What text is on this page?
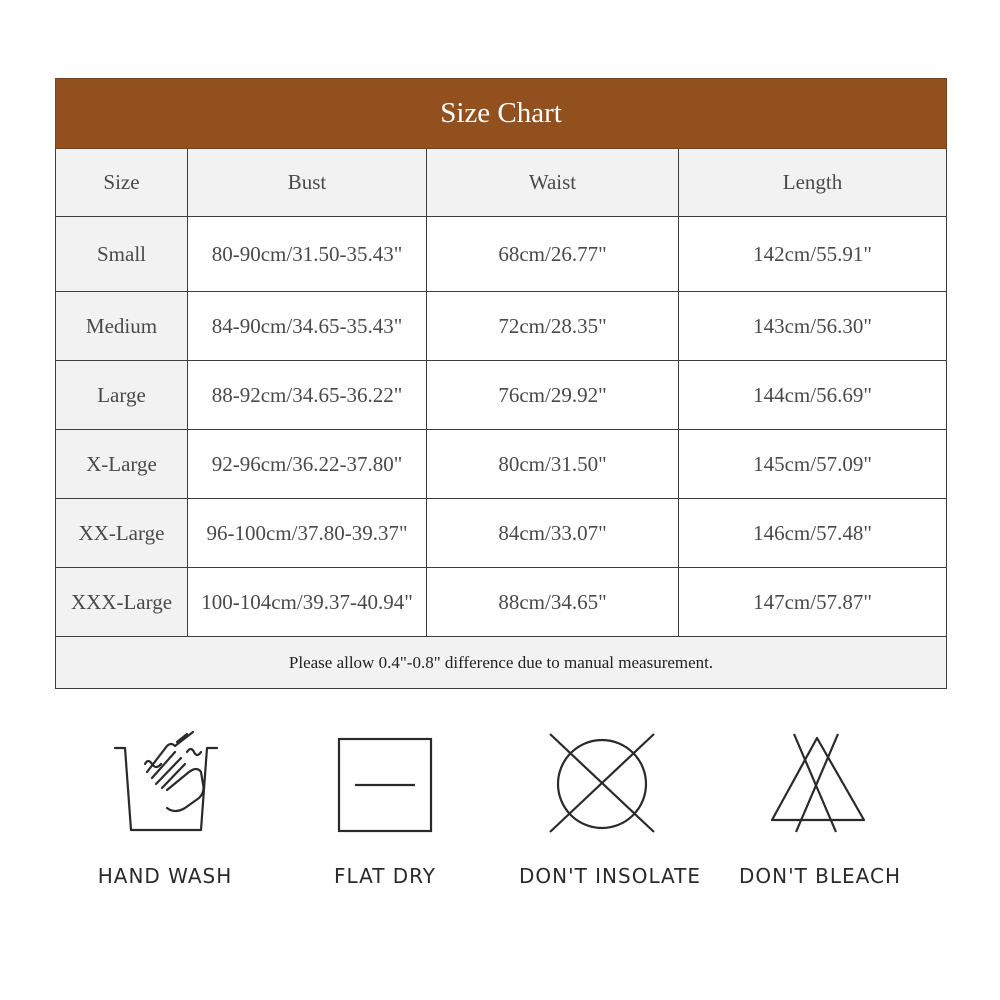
Size Chart			
Size	Bust	Waist	Length
Small	80-90cm/31.50-35.43"	68cm/26.77"	142cm/55.91"
Medium	84-90cm/34.65-35.43"	72cm/28.35"	143cm/56.30"
Large	88-92cm/34.65-36.22"	76cm/29.92"	144cm/56.69"
X-Large	92-96cm/36.22-37.80"	80cm/31.50"	145cm/57.09"
XX-Large	96-100cm/37.80-39.37"	84cm/33.07"	146cm/57.48"
XXX-Large	100-104cm/39.37-40.94"	88cm/34.65"	147cm/57.87"
Please allow 0.4"-0.8" difference due to manual measurement.			
HAND WASH	FLAT DRY	DON'T INSOLATE	DON'T BLEACH
